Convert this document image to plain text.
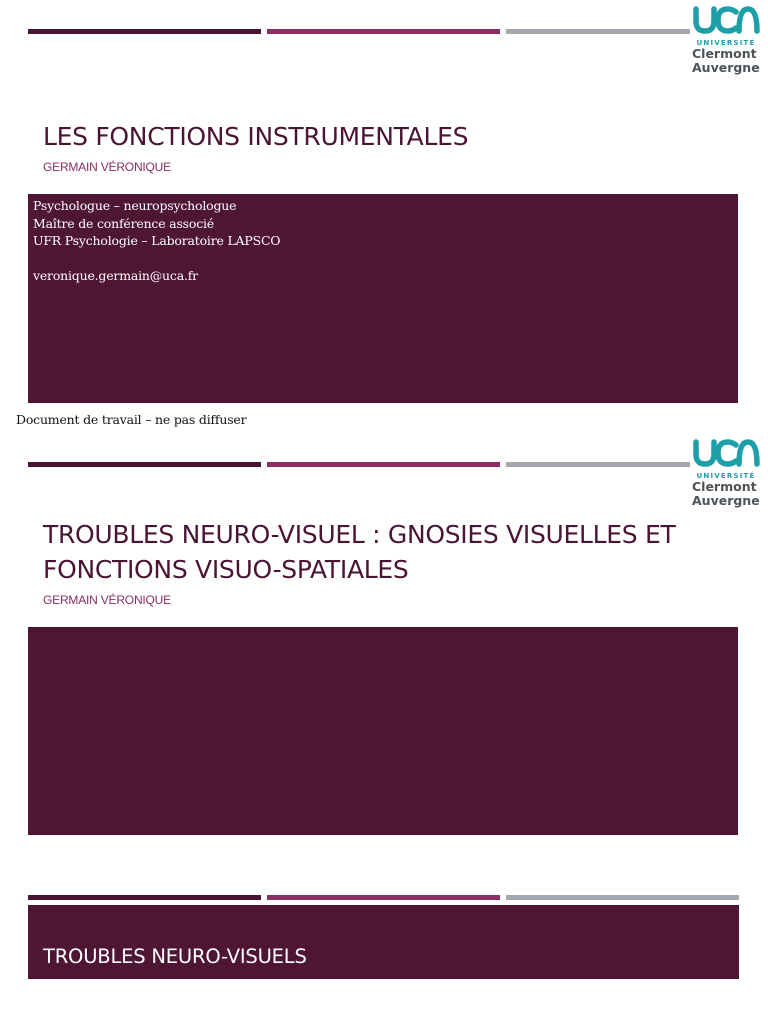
UNIVERSITÉ
Clermont
Auvergne
LES FONCTIONS INSTRUMENTALES
GERMAIN VÉRONIQUE
Psychologue – neuropsychologue
Maître de conférence associé
UFR Psychologie – Laboratoire LAPSCO
veronique.germain@uca.fr
Document de travail – ne pas diffuser
UNIVERSITÉ
Clermont
Auvergne
TROUBLES NEURO-VISUEL : GNOSIES VISUELLES ET
FONCTIONS VISUO-SPATIALES
GERMAIN VÉRONIQUE
TROUBLES NEURO-VISUELS
